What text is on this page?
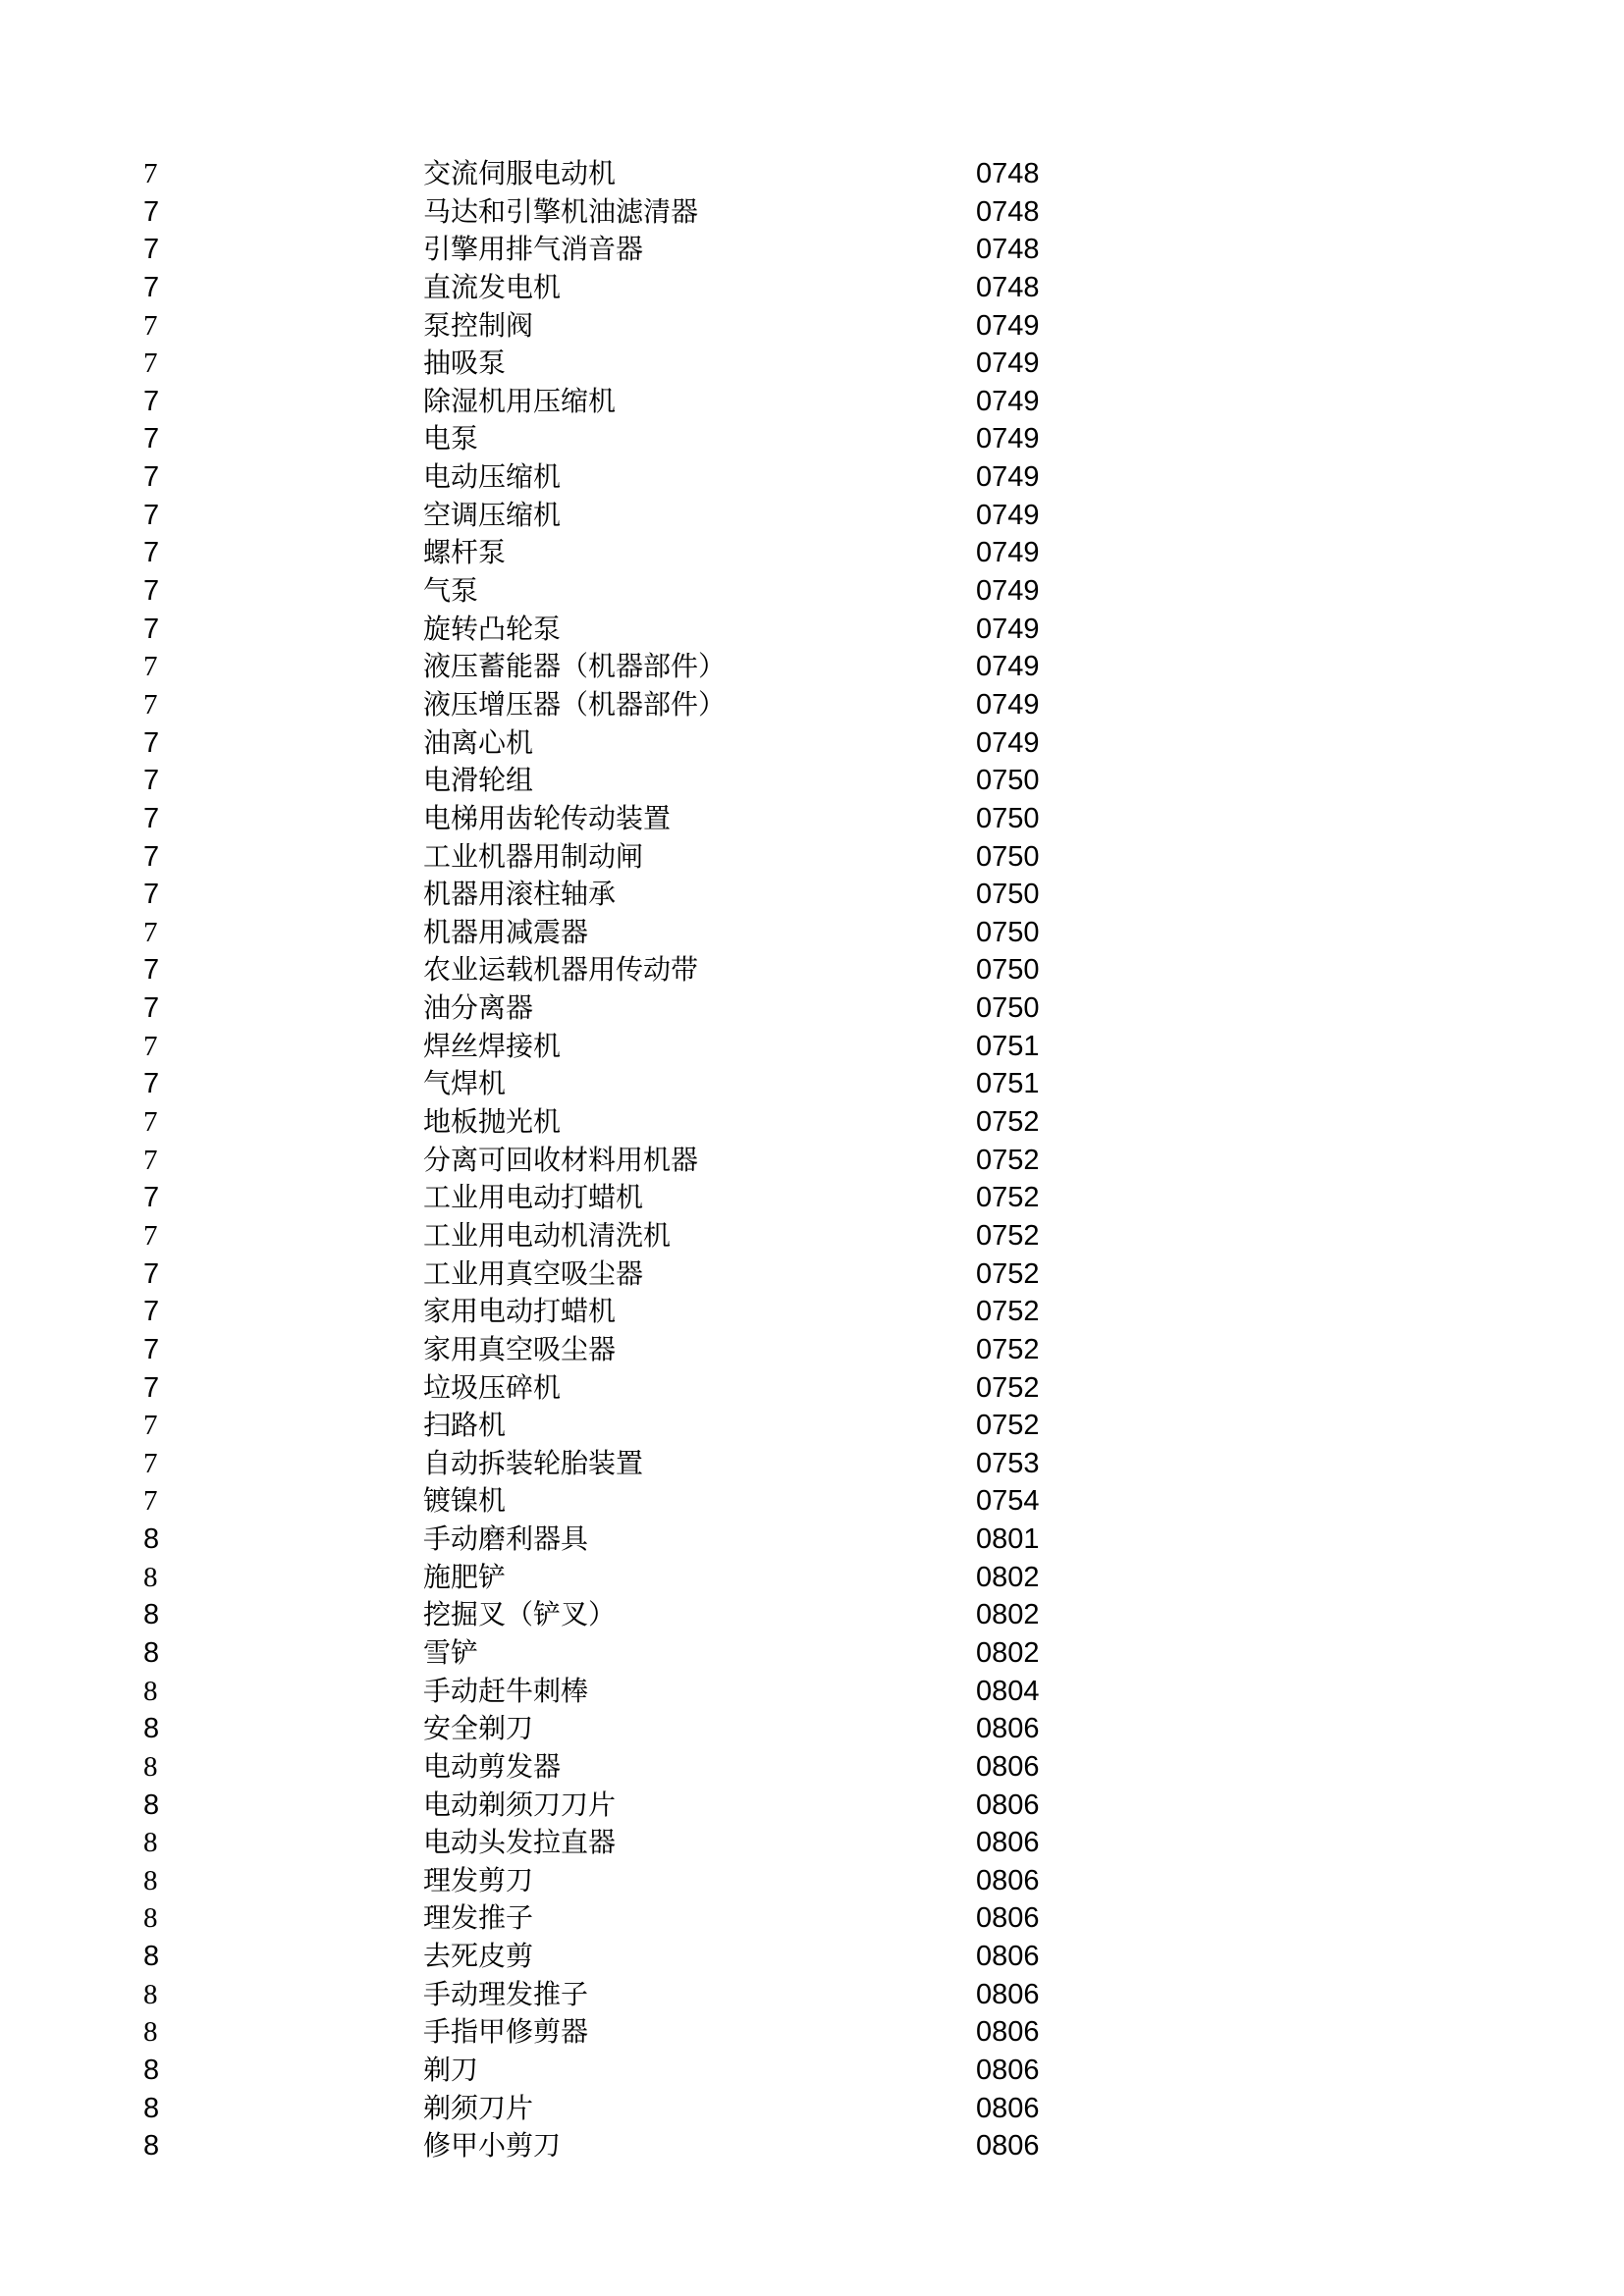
7	交流伺服电动机	0748
7	马达和引擎机油滤清器	0748
7	引擎用排气消音器	0748
7	直流发电机	0748
7	泵控制阀	0749
7	抽吸泵	0749
7	除湿机用压缩机	0749
7	电泵	0749
7	电动压缩机	0749
7	空调压缩机	0749
7	螺杆泵	0749
7	气泵	0749
7	旋转凸轮泵	0749
7	液压蓄能器（机器部件）	0749
7	液压增压器（机器部件）	0749
7	油离心机	0749
7	电滑轮组	0750
7	电梯用齿轮传动装置	0750
7	工业机器用制动闸	0750
7	机器用滚柱轴承	0750
7	机器用减震器	0750
7	农业运载机器用传动带	0750
7	油分离器	0750
7	焊丝焊接机	0751
7	气焊机	0751
7	地板抛光机	0752
7	分离可回收材料用机器	0752
7	工业用电动打蜡机	0752
7	工业用电动机清洗机	0752
7	工业用真空吸尘器	0752
7	家用电动打蜡机	0752
7	家用真空吸尘器	0752
7	垃圾压碎机	0752
7	扫路机	0752
7	自动拆装轮胎装置	0753
7	镀镍机	0754
8	手动磨利器具	0801
8	施肥铲	0802
8	挖掘叉（铲叉）	0802
8	雪铲	0802
8	手动赶牛刺棒	0804
8	安全剃刀	0806
8	电动剪发器	0806
8	电动剃须刀刀片	0806
8	电动头发拉直器	0806
8	理发剪刀	0806
8	理发推子	0806
8	去死皮剪	0806
8	手动理发推子	0806
8	手指甲修剪器	0806
8	剃刀	0806
8	剃须刀片	0806
8	修甲小剪刀	0806
